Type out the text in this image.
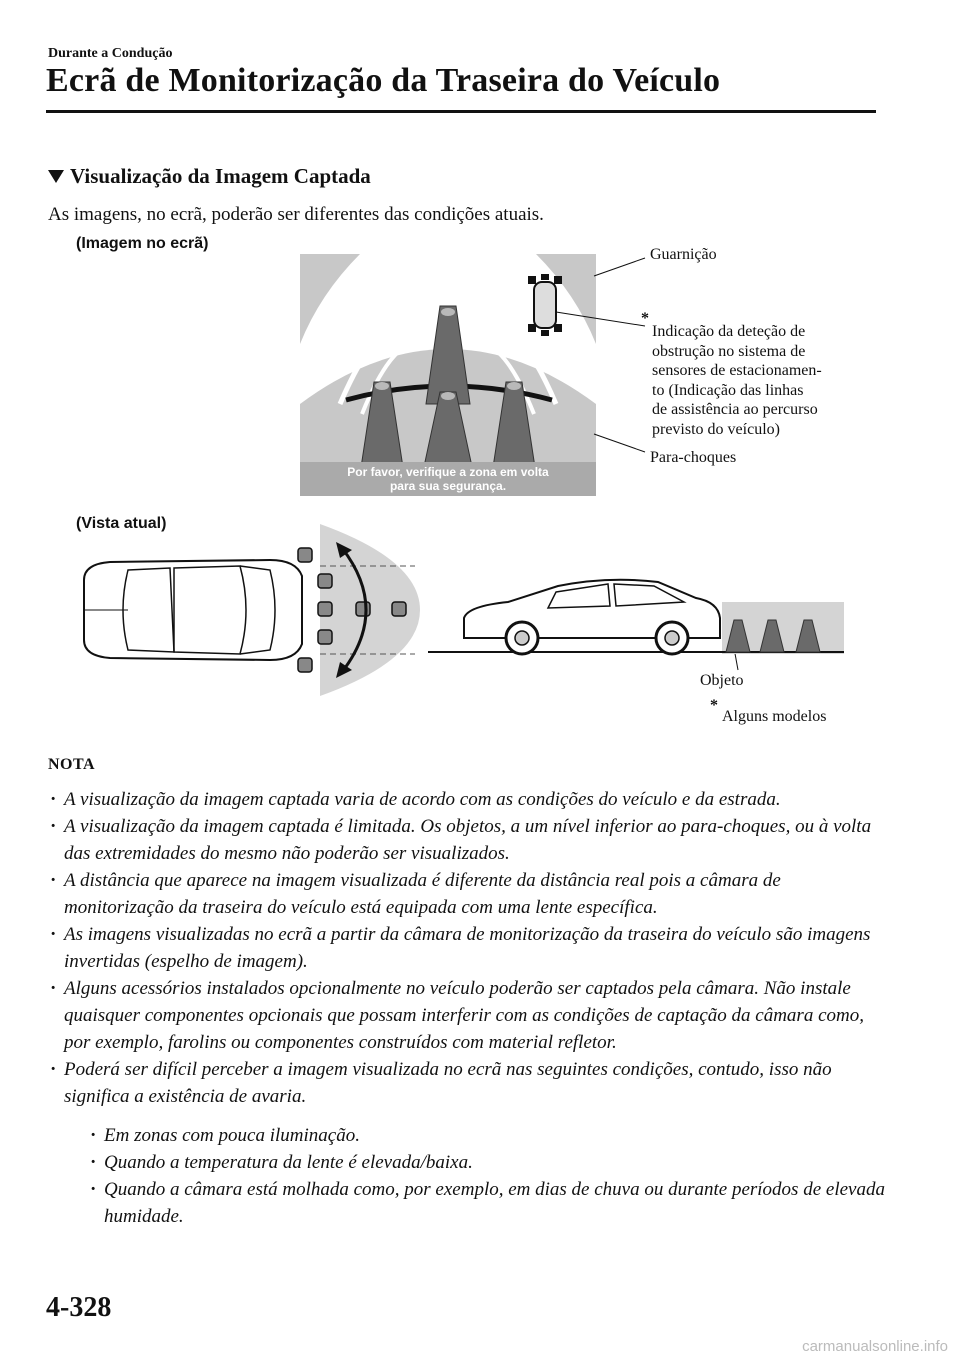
Durante a Condução
Ecrã de Monitorização da Traseira do Veículo
Visualização da Imagem Captada
As imagens, no ecrã, poderão ser diferentes das condições atuais.
(Imagem no ecrã)
Por favor, verifique a zona em volta
para sua segurança.
Guarnição
*
Indicação da deteção de
obstrução no sistema de
sensores de estacionamen-
to (Indicação das linhas
de assistência ao percurso
previsto do veículo)
Para-choques
(Vista atual)
Objeto
*
Alguns modelos
NOTA
· A visualização da imagem captada varia de acordo com as condições do veículo e da estrada.
· A visualização da imagem captada é limitada. Os objetos, a um nível inferior ao para-choques, ou à volta das extremidades do mesmo não poderão ser visualizados.
· A distância que aparece na imagem visualizada é diferente da distância real pois a câmara de monitorização da traseira do veículo está equipada com uma lente específica.
· As imagens visualizadas no ecrã a partir da câmara de monitorização da traseira do veículo são imagens invertidas (espelho de imagem).
· Alguns acessórios instalados opcionalmente no veículo poderão ser captados pela câmara. Não instale quaisquer componentes opcionais que possam interferir com as condições de captação da câmara como, por exemplo, farolins ou componentes construídos com material refletor.
· Poderá ser difícil perceber a imagem visualizada no ecrã nas seguintes condições, contudo, isso não significa a existência de avaria.
· Em zonas com pouca iluminação.
· Quando a temperatura da lente é elevada/baixa.
· Quando a câmara está molhada como, por exemplo, em dias de chuva ou durante períodos de elevada humidade.
4-328
carmanualsonline.info
